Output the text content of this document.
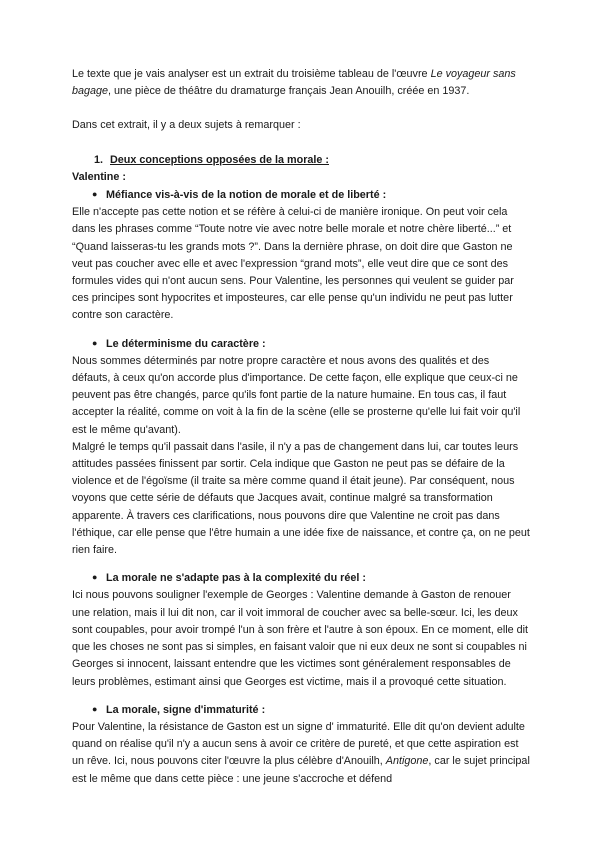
Le texte que je vais analyser est un extrait du troisième tableau de l'œuvre Le voyageur sans bagage, une pièce de théâtre du dramaturge français Jean Anouilh, créée en 1937.

Dans cet extrait, il y a deux sujets à remarquer :

1. Deux conceptions opposées de la morale :

Valentine :

● Méfiance vis-à-vis de la notion de morale et de liberté :

Elle n'accepte pas cette notion et se réfère à celui-ci de manière ironique. On peut voir cela dans les phrases comme “Toute notre vie avec notre belle morale et notre chère liberté...” et “Quand laisseras-tu les grands mots ?”. Dans la dernière phrase, on doit dire que Gaston ne veut pas coucher avec elle et avec l'expression “grand mots”, elle veut dire que ce sont des formules vides qui n'ont aucun sens. Pour Valentine, les personnes qui veulent se guider par ces principes sont hypocrites et imposteures, car elle pense qu'un individu ne peut pas lutter contre son caractère.

● Le déterminisme du caractère :

Nous sommes déterminés par notre propre caractère et nous avons des qualités et des défauts, à ceux qu'on accorde plus d'importance. De cette façon, elle explique que ceux-ci ne peuvent pas être changés, parce qu'ils font partie de la nature humaine. En tous cas, il faut accepter la réalité, comme on voit à la fin de la scène (elle se prosterne qu'elle lui fait voir qu'il est le même qu'avant).

Malgré le temps qu'il passait dans l'asile, il n'y a pas de changement dans lui, car toutes leurs attitudes passées finissent par sortir. Cela indique que Gaston ne peut pas se défaire de la violence et de l'égoïsme (il traite sa mère comme quand il était jeune). Par conséquent, nous voyons que cette série de défauts que Jacques avait, continue malgré sa transformation apparente. À travers ces clarifications, nous pouvons dire que Valentine ne croit pas dans l'éthique, car elle pense que l'être humain a une idée fixe de naissance, et contre ça, on ne peut rien faire.

● La morale ne s'adapte pas à la complexité du réel :

Ici nous pouvons souligner l'exemple de Georges : Valentine demande à Gaston de renouer une relation, mais il lui dit non, car il voit immoral de coucher avec sa belle-sœur. Ici, les deux sont coupables, pour avoir trompé l'un à son frère et l'autre à son époux. En ce moment, elle dit que les choses ne sont pas si simples, en faisant valoir que ni eux deux ne sont si coupables ni Georges si innocent, laissant entendre que les victimes sont généralement responsables de leurs problèmes, estimant ainsi que Georges est victime, mais il a provoqué cette situation.

● La morale, signe d'immaturité :

Pour Valentine, la résistance de Gaston est un signe d' immaturité. Elle dit qu'on devient adulte quand on réalise qu'il n'y a aucun sens à avoir ce critère de pureté, et que cette aspiration est un rêve. Ici, nous pouvons citer l'œuvre la plus célèbre d'Anouilh, Antigone, car le sujet principal est le même que dans cette pièce : une jeune s'accroche et défend
